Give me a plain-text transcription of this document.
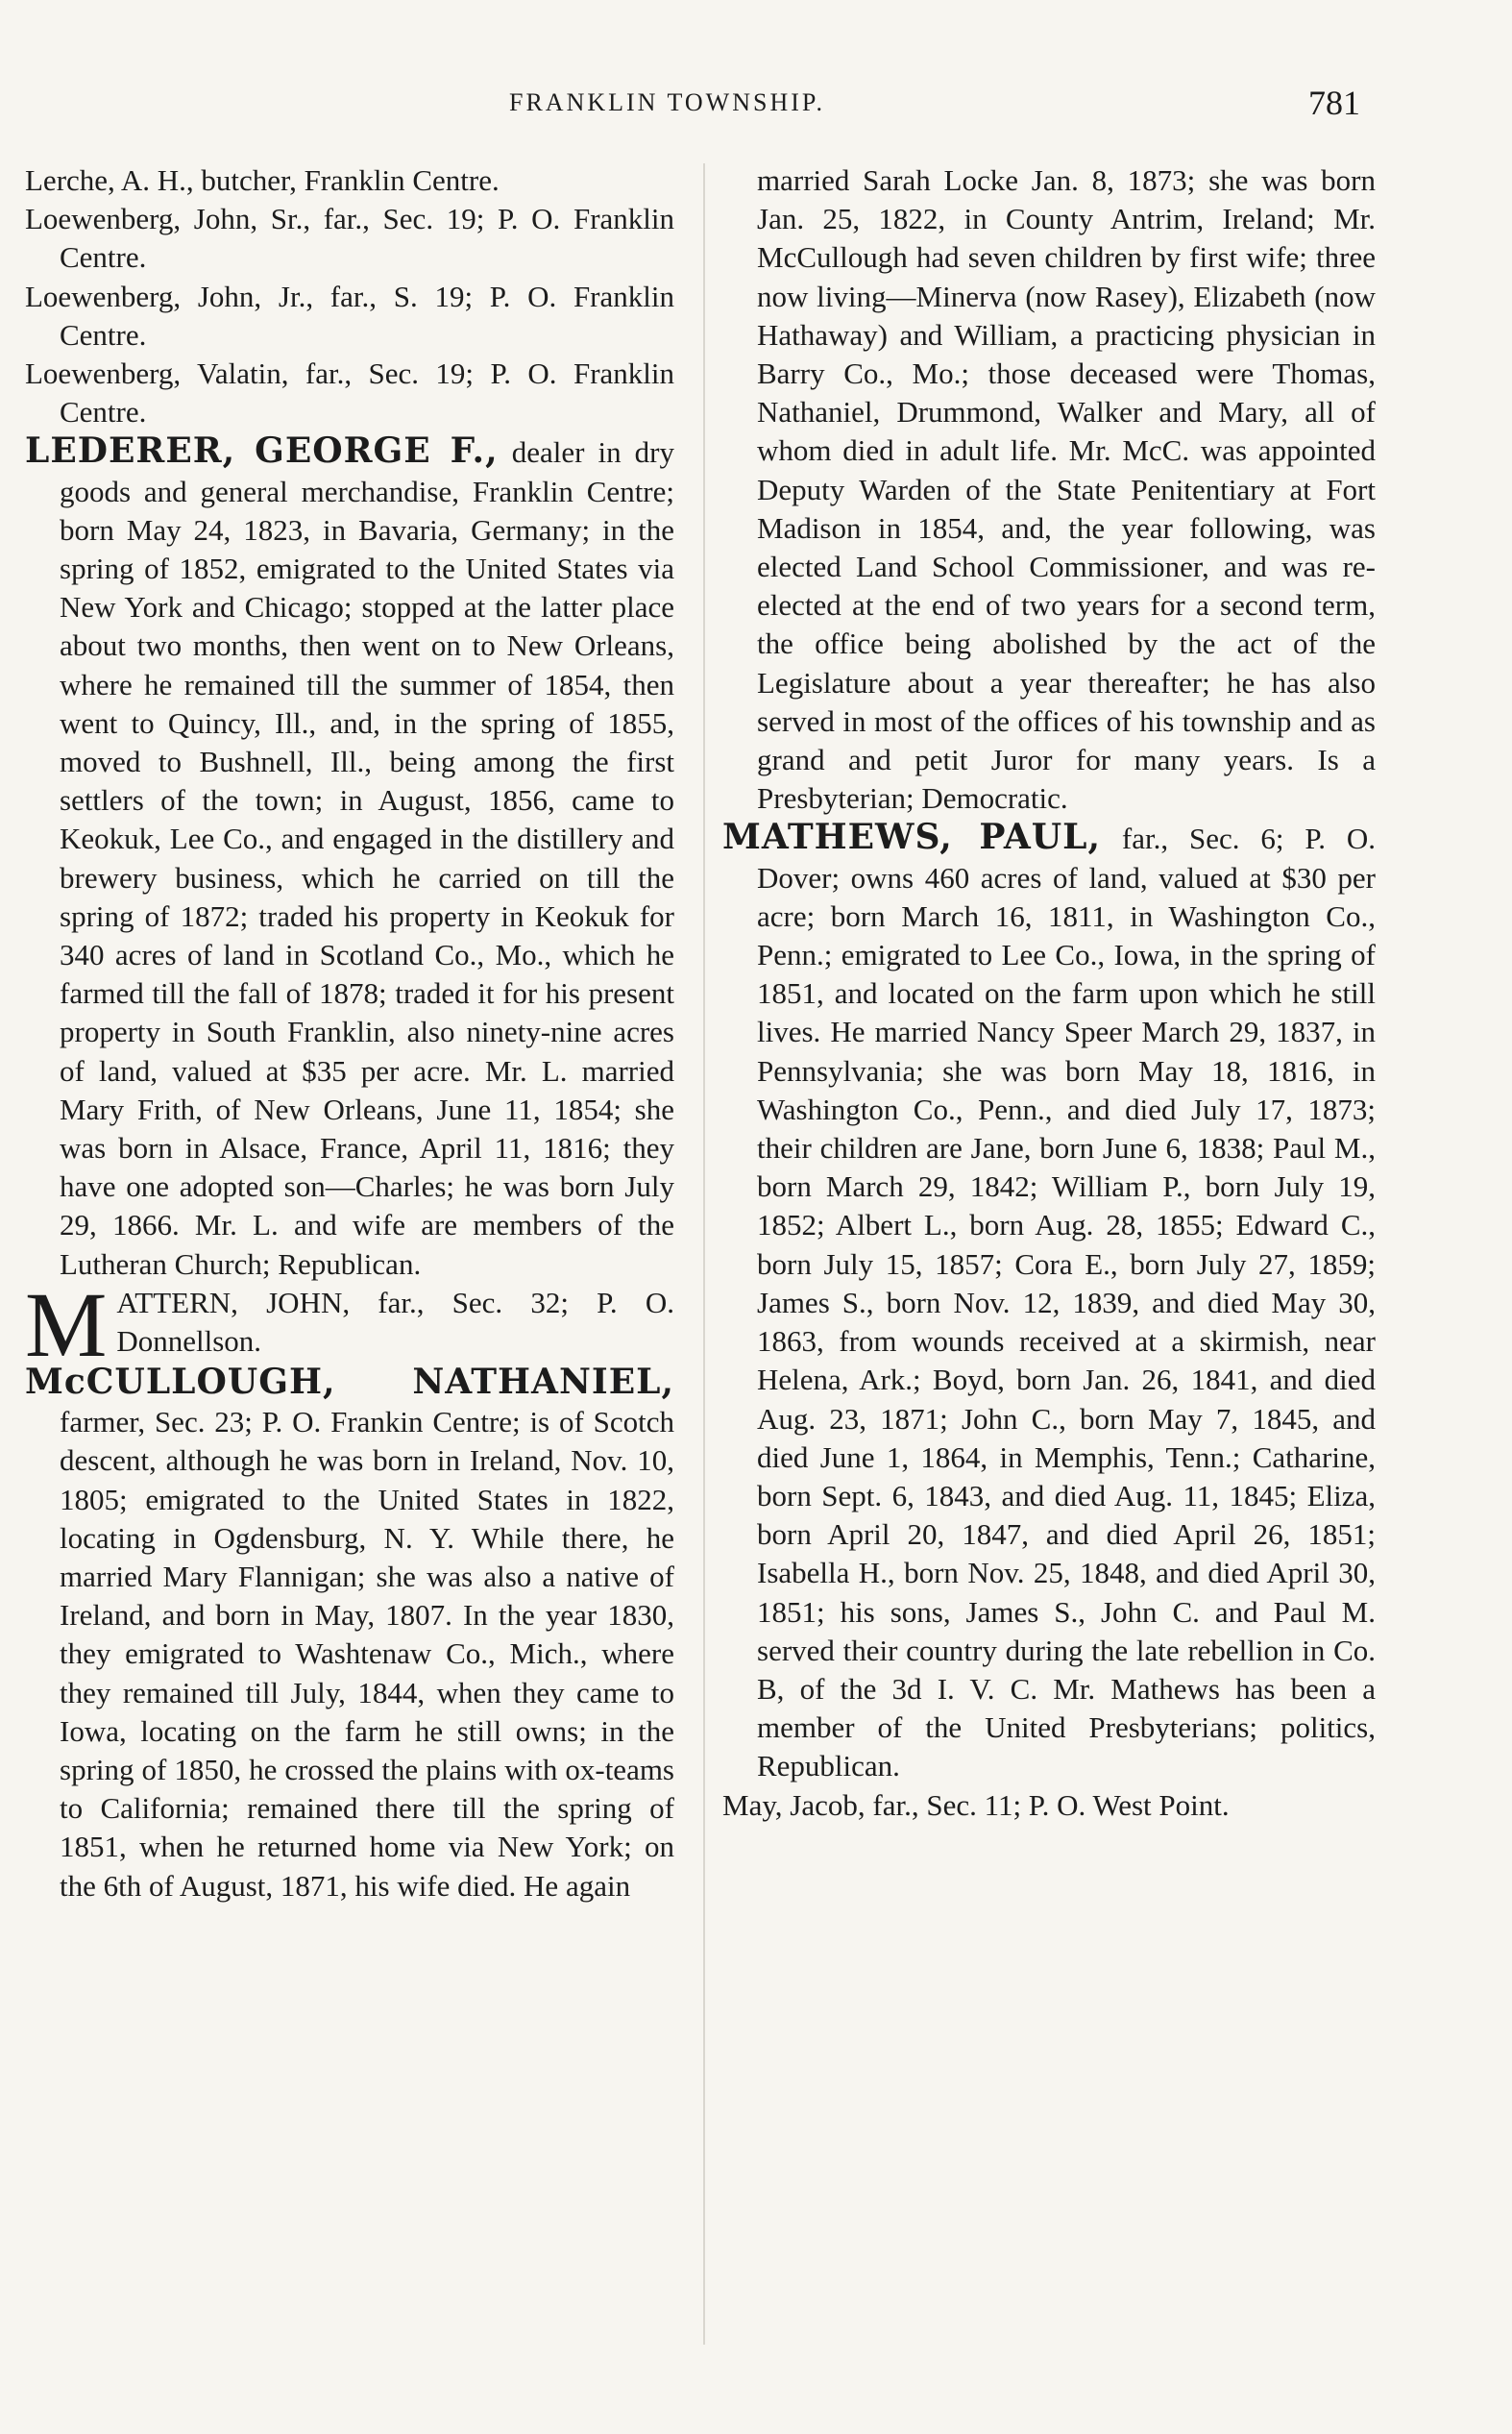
FRANKLIN TOWNSHIP.	781

Lerche, A. H., butcher, Franklin Centre.

Loewenberg, John, Sr., far., Sec. 19; P. O. Franklin Centre.

Loewenberg, John, Jr., far., S. 19; P. O. Franklin Centre.

Loewenberg, Valatin, far., Sec. 19; P. O. Franklin Centre.

LEDERER, GEORGE F., dealer in dry goods and general merchandise, Franklin Centre; born May 24, 1823, in Bavaria, Germany; in the spring of 1852, emigrated to the United States via New York and Chicago; stopped at the latter place about two months, then went on to New Orleans, where he remained till the summer of 1854, then went to Quincy, Ill., and, in the spring of 1855, moved to Bushnell, Ill., being among the first settlers of the town; in August, 1856, came to Keokuk, Lee Co., and engaged in the distillery and brewery business, which he carried on till the spring of 1872; traded his property in Keokuk for 340 acres of land in Scotland Co., Mo., which he farmed till the fall of 1878; traded it for his present property in South Franklin, also ninety-nine acres of land, valued at $35 per acre. Mr. L. married Mary Frith, of New Orleans, June 11, 1854; she was born in Alsace, France, April 11, 1816; they have one adopted son—Charles; he was born July 29, 1866. Mr. L. and wife are members of the Lutheran Church; Republican.

MATTERN, JOHN, far., Sec. 32; P. O. Donnellson.

McCULLOUGH, NATHANIEL, farmer, Sec. 23; P. O. Frankin Centre; is of Scotch descent, although he was born in Ireland, Nov. 10, 1805; emigrated to the United States in 1822, locating in Ogdensburg, N. Y. While there, he married Mary Flannigan; she was also a native of Ireland, and born in May, 1807. In the year 1830, they emigrated to Washtenaw Co., Mich., where they remained till July, 1844, when they came to Iowa, locating on the farm he still owns; in the spring of 1850, he crossed the plains with ox-teams to California; remained there till the spring of 1851, when he returned home via New York; on the 6th of August, 1871, his wife died. He again

married Sarah Locke Jan. 8, 1873; she was born Jan. 25, 1822, in County Antrim, Ireland; Mr. McCullough had seven children by first wife; three now living—Minerva (now Rasey), Elizabeth (now Hathaway) and William, a practicing physician in Barry Co., Mo.; those deceased were Thomas, Nathaniel, Drummond, Walker and Mary, all of whom died in adult life. Mr. McC. was appointed Deputy Warden of the State Penitentiary at Fort Madison in 1854, and, the year following, was elected Land School Commissioner, and was re-elected at the end of two years for a second term, the office being abolished by the act of the Legislature about a year thereafter; he has also served in most of the offices of his township and as grand and petit Juror for many years. Is a Presbyterian; Democratic.

MATHEWS, PAUL, far., Sec. 6; P. O. Dover; owns 460 acres of land, valued at $30 per acre; born March 16, 1811, in Washington Co., Penn.; emigrated to Lee Co., Iowa, in the spring of 1851, and located on the farm upon which he still lives. He married Nancy Speer March 29, 1837, in Pennsylvania; she was born May 18, 1816, in Washington Co., Penn., and died July 17, 1873; their children are Jane, born June 6, 1838; Paul M., born March 29, 1842; William P., born July 19, 1852; Albert L., born Aug. 28, 1855; Edward C., born July 15, 1857; Cora E., born July 27, 1859; James S., born Nov. 12, 1839, and died May 30, 1863, from wounds received at a skirmish, near Helena, Ark.; Boyd, born Jan. 26, 1841, and died Aug. 23, 1871; John C., born May 7, 1845, and died June 1, 1864, in Memphis, Tenn.; Catharine, born Sept. 6, 1843, and died Aug. 11, 1845; Eliza, born April 20, 1847, and died April 26, 1851; Isabella H., born Nov. 25, 1848, and died April 30, 1851; his sons, James S., John C. and Paul M. served their country during the late rebellion in Co. B, of the 3d I. V. C. Mr. Mathews has been a member of the United Presbyterians; politics, Republican.

May, Jacob, far., Sec. 11; P. O. West Point.
